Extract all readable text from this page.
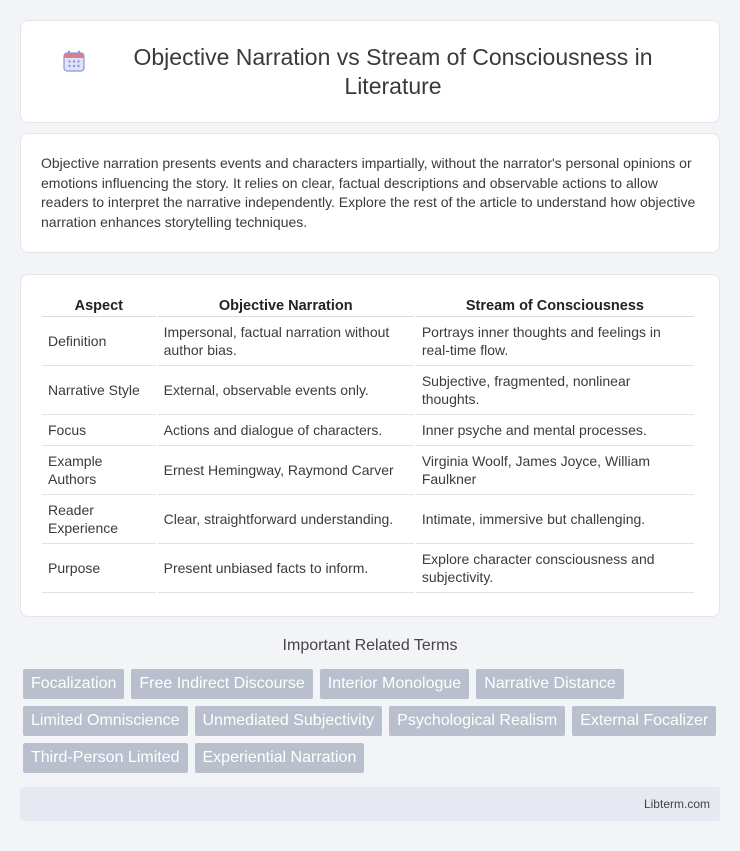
Objective Narration vs Stream of Consciousness in Literature

Objective narration presents events and characters impartially, without the narrator's personal opinions or emotions influencing the story. It relies on clear, factual descriptions and observable actions to allow readers to interpret the narrative independently. Explore the rest of the article to understand how objective narration enhances storytelling techniques.

Aspect	Objective Narration	Stream of Consciousness
Definition	Impersonal, factual narration without author bias.	Portrays inner thoughts and feelings in real-time flow.
Narrative Style	External, observable events only.	Subjective, fragmented, nonlinear thoughts.
Focus	Actions and dialogue of characters.	Inner psyche and mental processes.
Example Authors	Ernest Hemingway, Raymond Carver	Virginia Woolf, James Joyce, William Faulkner
Reader Experience	Clear, straightforward understanding.	Intimate, immersive but challenging.
Purpose	Present unbiased facts to inform.	Explore character consciousness and subjectivity.
Important Related Terms
Focalization	Free Indirect Discourse	Interior Monologue	Narrative Distance
Limited Omniscience	Unmediated Subjectivity	Psychological Realism	External Focalizer
Third-Person Limited	Experiential Narration
Libterm.com
